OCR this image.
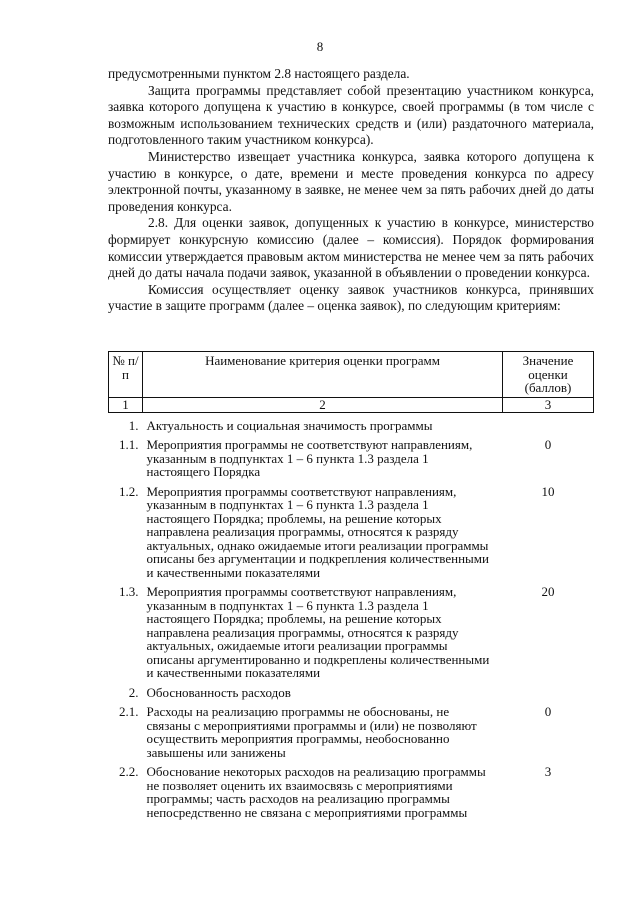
8

предусмотренными пунктом 2.8 настоящего раздела.

Защита программы представляет собой презентацию участником конкурса, заявка которого допущена к участию в конкурсе, своей программы (в том числе с возможным использованием технических средств и (или) раздаточного материала, подготовленного таким участником конкурса).

Министерство извещает участника конкурса, заявка которого допущена к участию в конкурсе, о дате, времени и месте проведения конкурса по адресу электронной почты, указанному в заявке, не менее чем за пять рабочих дней до даты проведения конкурса.

2.8. Для оценки заявок, допущенных к участию в конкурсе, министерство формирует конкурсную комиссию (далее – комиссия). Порядок формирования комиссии утверждается правовым актом министерства не менее чем за пять рабочих дней до даты начала подачи заявок, указанной в объявлении о проведении конкурса.

Комиссия осуществляет оценку заявок участников конкурса, принявших участие в защите программ (далее – оценка заявок), по следующим критериям:

№ п/п	Наименование критерия оценки программ	Значение оценки (баллов)
1	2	3

1.	Актуальность и социальная значимость программы	

1.1.	Мероприятия программы не соответствуют направлениям, указанным в подпунктах 1 – 6 пункта 1.3 раздела 1 настоящего Порядка	0

1.2.	Мероприятия программы соответствуют направлениям, указанным в подпунктах 1 – 6 пункта 1.3 раздела 1 настоящего Порядка; проблемы, на решение которых направлена реализация программы, относятся к разряду актуальных, однако ожидаемые итоги реализации программы описаны без аргументации и подкрепления количественными и качественными показателями	10

1.3.	Мероприятия программы соответствуют направлениям, указанным в подпунктах 1 – 6 пункта 1.3 раздела 1 настоящего Порядка; проблемы, на решение которых направлена реализация программы, относятся к разряду актуальных, ожидаемые итоги реализации программы описаны аргументированно и подкреплены количественными и качественными показателями	20

2.	Обоснованность расходов	

2.1.	Расходы на реализацию программы не обоснованы, не связаны с мероприятиями программы и (или) не позволяют осуществить мероприятия программы, необоснованно завышены или занижены	0

2.2.	Обоснование некоторых расходов на реализацию программы не позволяет оценить их взаимосвязь с мероприятиями программы; часть расходов на реализацию программы непосредственно не связана с мероприятиями программы	3
